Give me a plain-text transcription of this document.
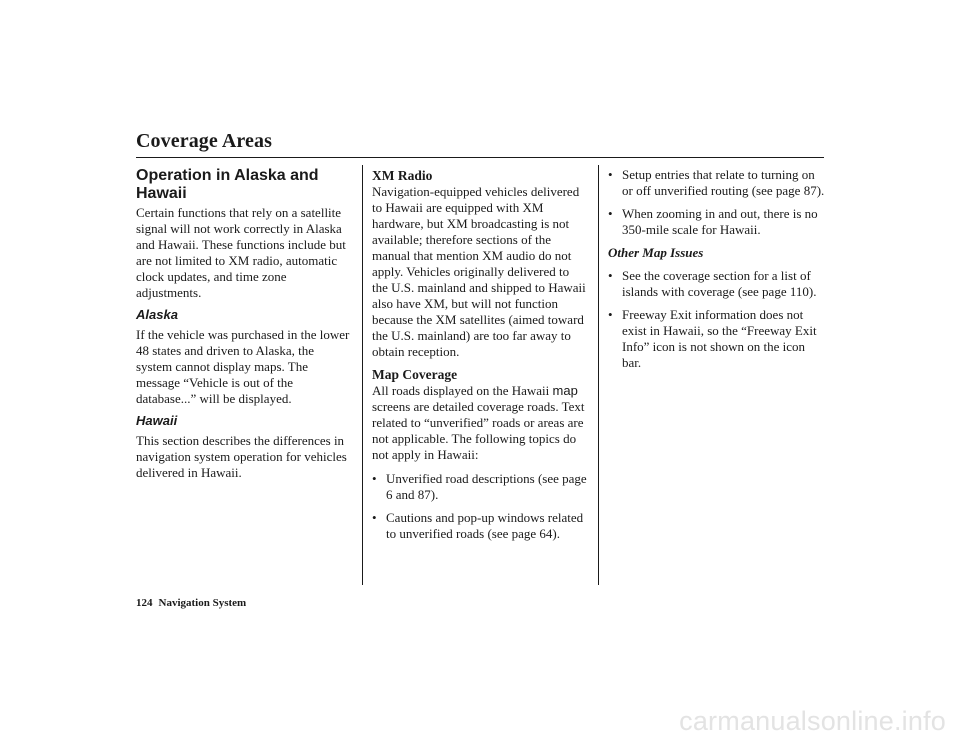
Coverage Areas
Operation in Alaska and Hawaii

Certain functions that rely on a satellite signal will not work correctly in Alaska and Hawaii. These functions include but are not limited to XM radio, automatic clock updates, and time zone adjustments.

Alaska

If the vehicle was purchased in the lower 48 states and driven to Alaska, the system cannot display maps. The message “Vehicle is out of the database...” will be displayed.

Hawaii

This section describes the differences in navigation system operation for vehicles delivered in Hawaii.

XM Radio

Navigation-equipped vehicles delivered to Hawaii are equipped with XM hardware, but XM broadcasting is not available; therefore sections of the manual that mention XM audio do not apply. Vehicles originally delivered to the U.S. mainland and shipped to Hawaii also have XM, but will not function because the XM satellites (aimed toward the U.S. mainland) are too far away to obtain reception.

Map Coverage

All roads displayed on the Hawaii map screens are detailed coverage roads. Text related to “unverified” roads or areas are not applicable. The following topics do not apply in Hawaii:

• Unverified road descriptions (see page 6 and 87).
• Cautions and pop-up windows related to unverified roads (see page 64).
• Setup entries that relate to turning on or off unverified routing (see page 87).
• When zooming in and out, there is no 350-mile scale for Hawaii.
Other Map Issues
• See the coverage section for a list of islands with coverage (see page 110).
• Freeway Exit information does not exist in Hawaii, so the “Freeway Exit Info” icon is not shown on the icon bar.
124 Navigation System
carmanualsonline.info
